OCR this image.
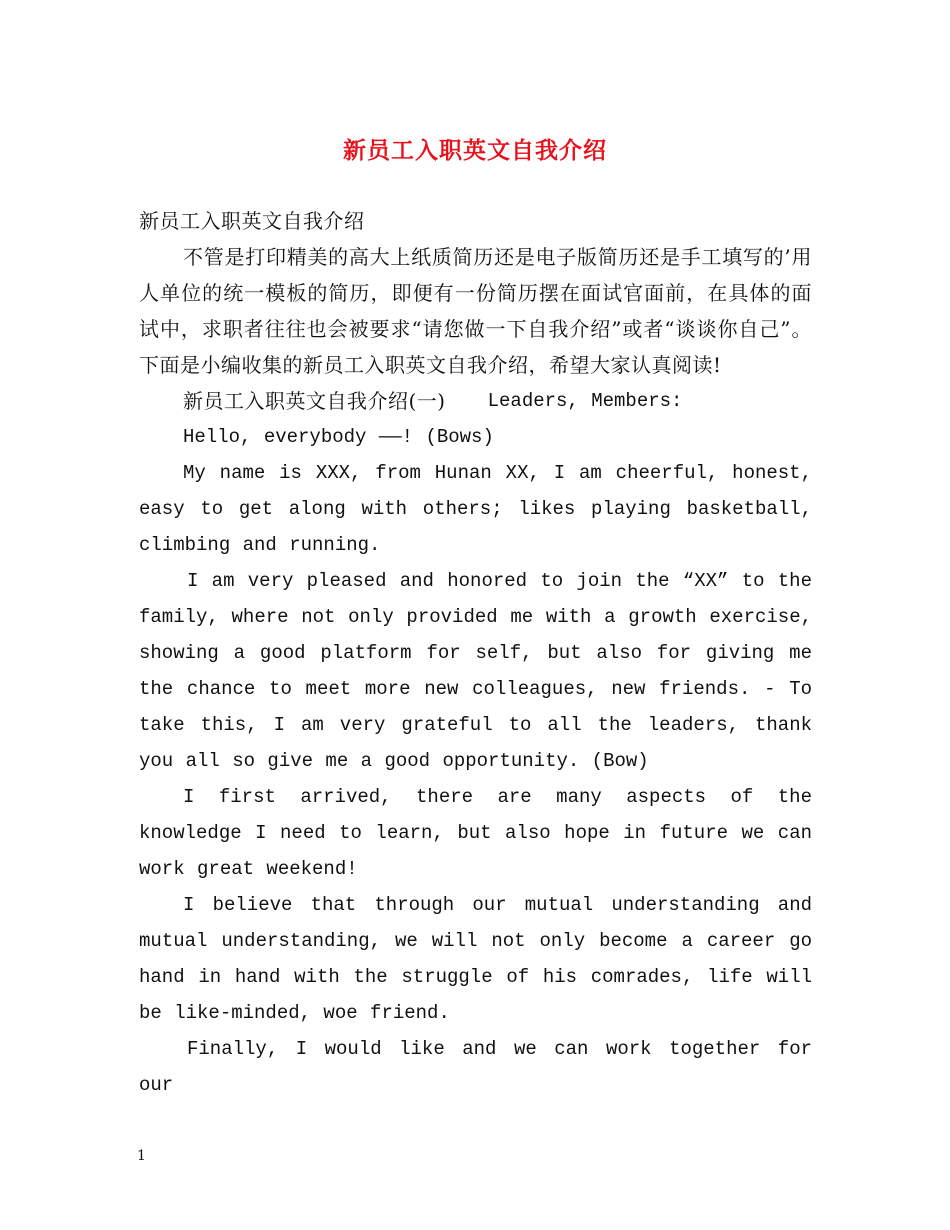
新员工入职英文自我介绍

新员工入职英文自我介绍

不管是打印精美的高大上纸质简历还是电子版简历还是手工填写的’用人单位的统一模板的简历，即便有一份简历摆在面试官面前，在具体的面试中，求职者往往也会被要求“请您做一下自我介绍”或者“谈谈你自己”。下面是小编收集的新员工入职英文自我介绍，希望大家认真阅读!

新员工入职英文自我介绍(一) Leaders, Members:

Hello, everybody ——! (Bows)

My name is XXX, from Hunan XX, I am cheerful, honest, easy to get along with others; likes playing basketball, climbing and running.

I am very pleased and honored to join the “XX” to the family, where not only provided me with a growth exercise, showing a good platform for self, but also for giving me the chance to meet more new colleagues, new friends. - To take this, I am very grateful to all the leaders, thank you all so give me a good opportunity. (Bow)

I first arrived, there are many aspects of the knowledge I need to learn, but also hope in future we can work great weekend!

I believe that through our mutual understanding and mutual understanding, we will not only become a career go hand in hand with the struggle of his comrades, life will be like-minded, woe friend.

Finally, I would like and we can work together for our

1
